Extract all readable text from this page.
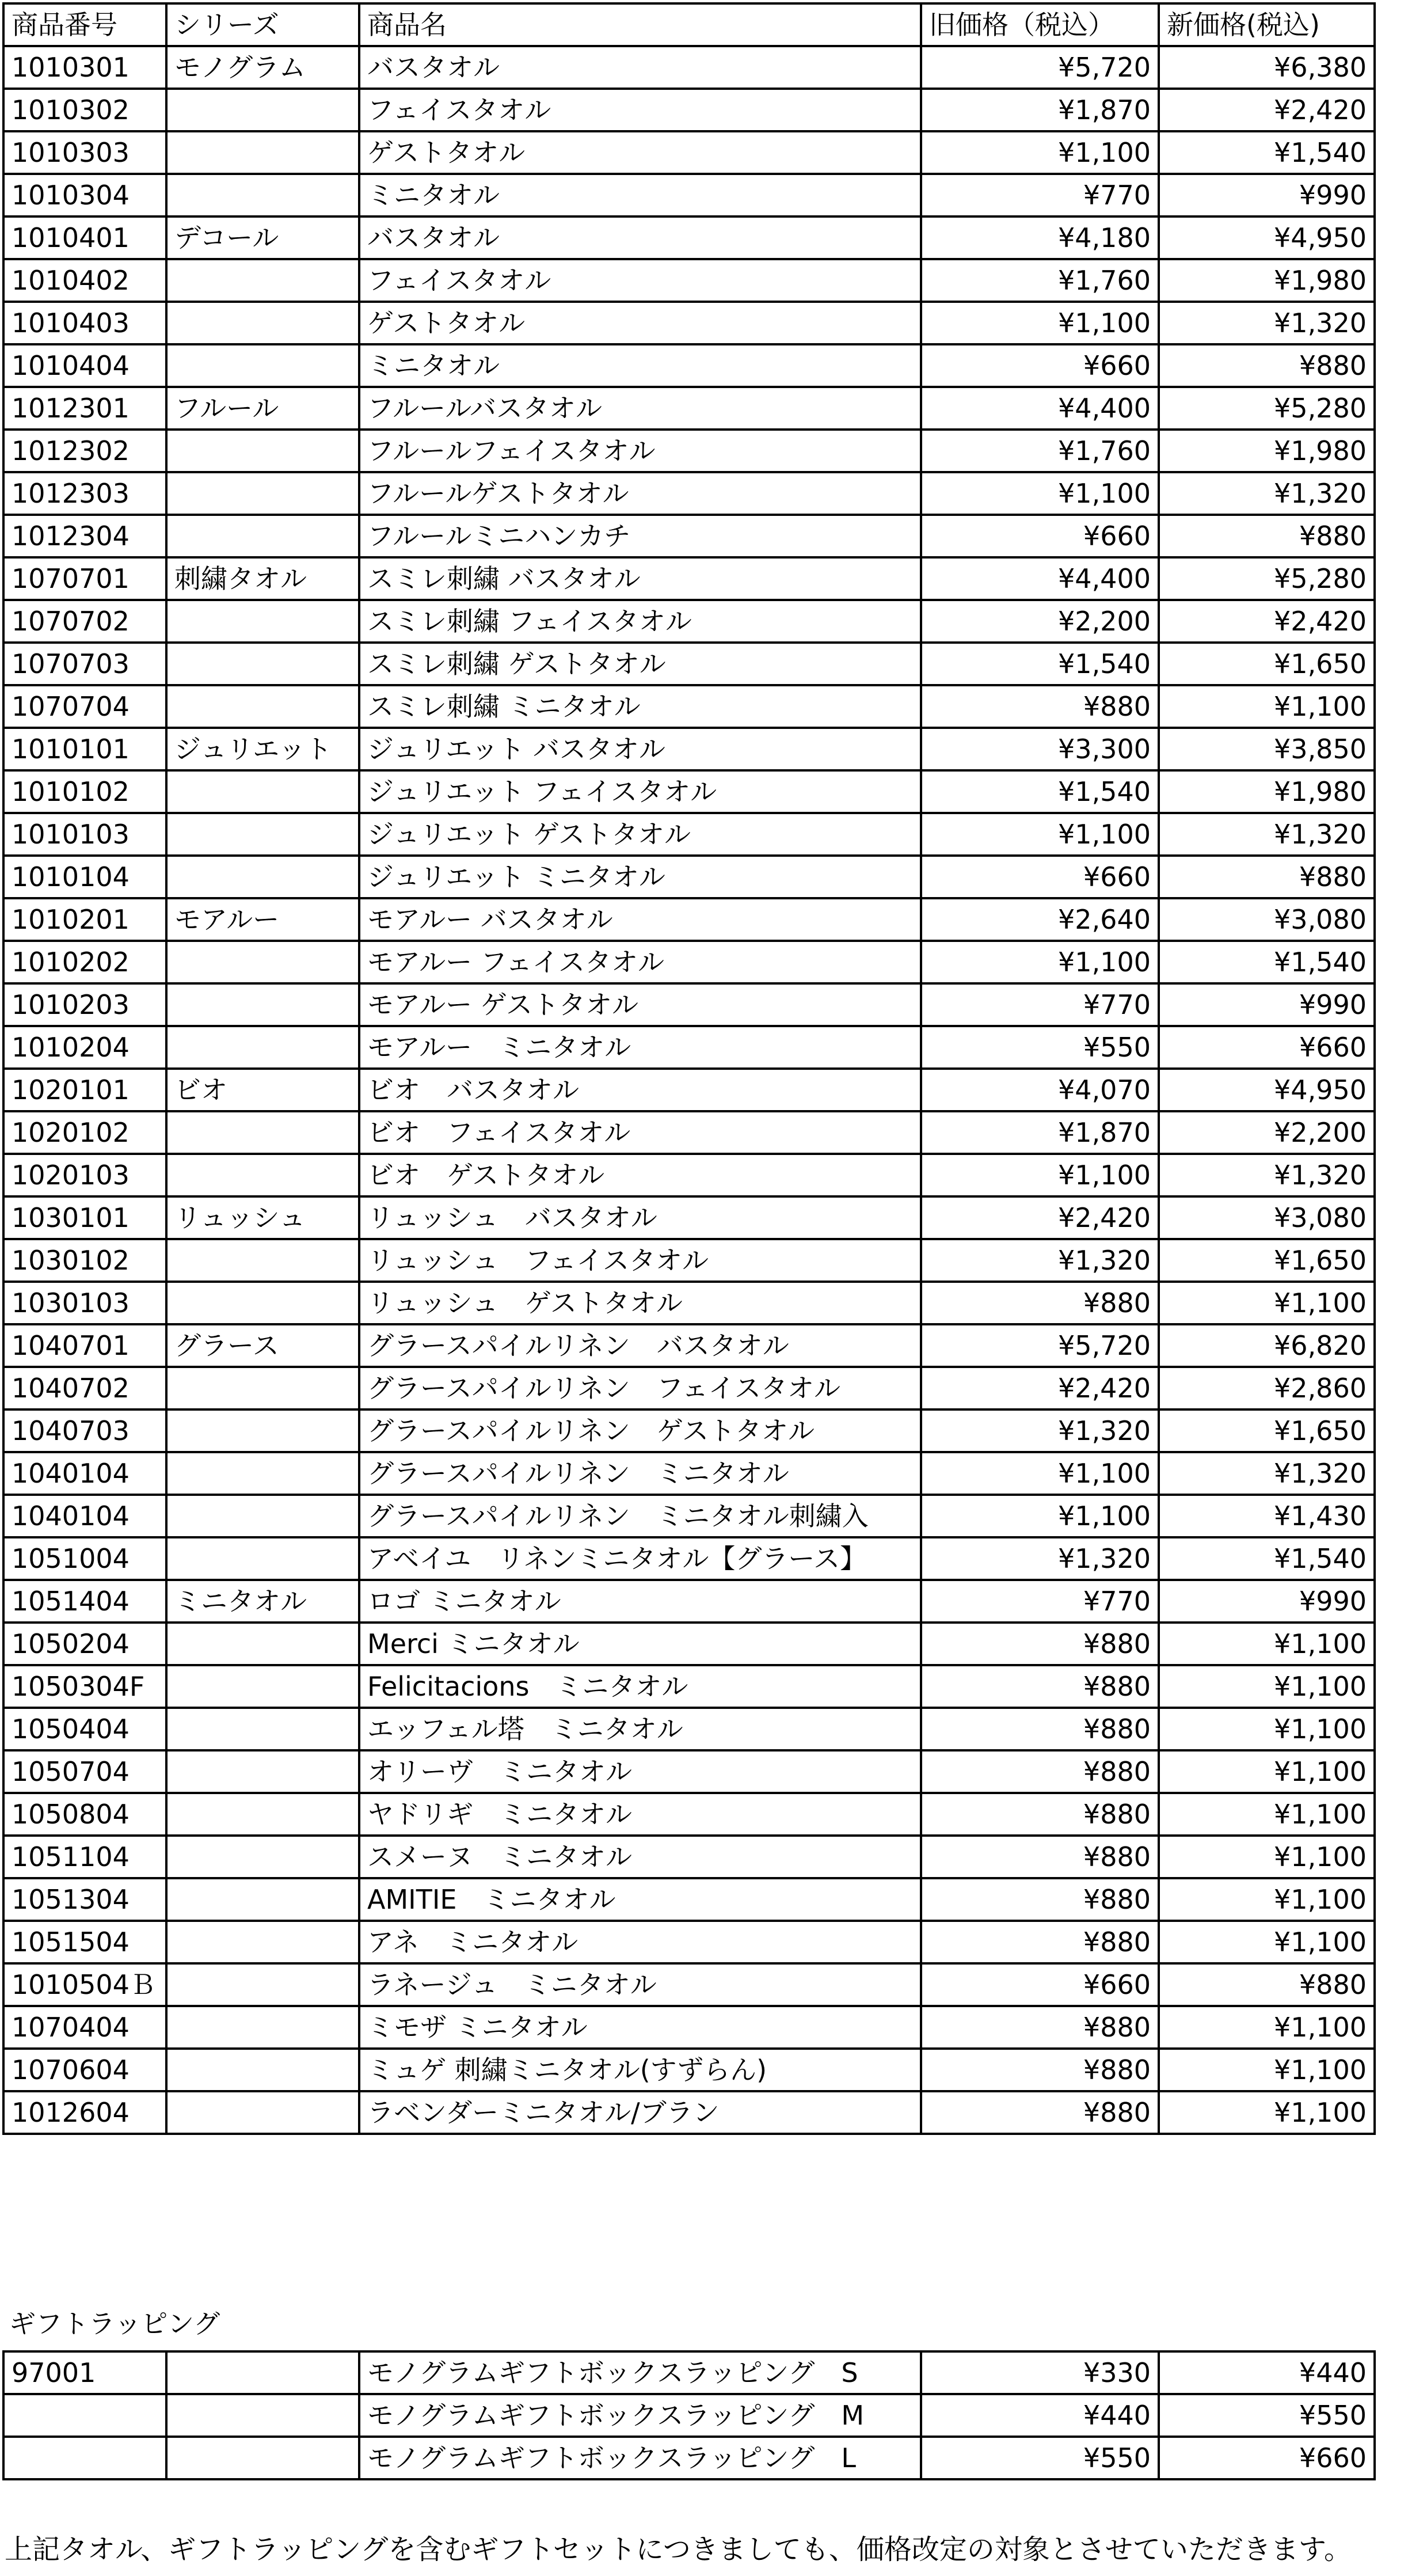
商品番号	シリーズ	商品名	旧価格（税込）	新価格(税込)
1010301	モノグラム	バスタオル	¥5,720	¥6,380
1010302		フェイスタオル	¥1,870	¥2,420
1010303		ゲストタオル	¥1,100	¥1,540
1010304		ミニタオル	¥770	¥990
1010401	デコール	バスタオル	¥4,180	¥4,950
1010402		フェイスタオル	¥1,760	¥1,980
1010403		ゲストタオル	¥1,100	¥1,320
1010404		ミニタオル	¥660	¥880
1012301	フルール	フルールバスタオル	¥4,400	¥5,280
1012302		フルールフェイスタオル	¥1,760	¥1,980
1012303		フルールゲストタオル	¥1,100	¥1,320
1012304		フルールミニハンカチ	¥660	¥880
1070701	刺繍タオル	スミレ刺繍 バスタオル	¥4,400	¥5,280
1070702		スミレ刺繍 フェイスタオル	¥2,200	¥2,420
1070703		スミレ刺繍 ゲストタオル	¥1,540	¥1,650
1070704		スミレ刺繍 ミニタオル	¥880	¥1,100
1010101	ジュリエット	ジュリエット バスタオル	¥3,300	¥3,850
1010102		ジュリエット フェイスタオル	¥1,540	¥1,980
1010103		ジュリエット ゲストタオル	¥1,100	¥1,320
1010104		ジュリエット ミニタオル	¥660	¥880
1010201	モアルー	モアルー バスタオル	¥2,640	¥3,080
1010202		モアルー フェイスタオル	¥1,100	¥1,540
1010203		モアルー ゲストタオル	¥770	¥990
1010204		モアルー　ミニタオル	¥550	¥660
1020101	ビオ	ビオ　バスタオル	¥4,070	¥4,950
1020102		ビオ　フェイスタオル	¥1,870	¥2,200
1020103		ビオ　ゲストタオル	¥1,100	¥1,320
1030101	リュッシュ	リュッシュ　バスタオル	¥2,420	¥3,080
1030102		リュッシュ　フェイスタオル	¥1,320	¥1,650
1030103		リュッシュ　ゲストタオル	¥880	¥1,100
1040701	グラース	グラースパイルリネン　バスタオル	¥5,720	¥6,820
1040702		グラースパイルリネン　フェイスタオル	¥2,420	¥2,860
1040703		グラースパイルリネン　ゲストタオル	¥1,320	¥1,650
1040104		グラースパイルリネン　ミニタオル	¥1,100	¥1,320
1040104		グラースパイルリネン　ミニタオル刺繍入	¥1,100	¥1,430
1051004		アベイユ　リネンミニタオル【グラース】	¥1,320	¥1,540
1051404	ミニタオル	ロゴ ミニタオル	¥770	¥990
1050204		Merci ミニタオル	¥880	¥1,100
1050304F		Felicitacions　ミニタオル	¥880	¥1,100
1050404		エッフェル塔　ミニタオル	¥880	¥1,100
1050704		オリーヴ　ミニタオル	¥880	¥1,100
1050804		ヤドリギ　ミニタオル	¥880	¥1,100
1051104		スメーヌ　ミニタオル	¥880	¥1,100
1051304		AMITIE　ミニタオル	¥880	¥1,100
1051504		アネ　ミニタオル	¥880	¥1,100
1010504Ｂ		ラネージュ　ミニタオル	¥660	¥880
1070404		ミモザ ミニタオル	¥880	¥1,100
1070604		ミュゲ 刺繍ミニタオル(すずらん)	¥880	¥1,100
1012604		ラベンダーミニタオル/ブラン	¥880	¥1,100
ギフトラッピング
97001		モノグラムギフトボックスラッピング　S	¥330	¥440
		モノグラムギフトボックスラッピング　M	¥440	¥550
		モノグラムギフトボックスラッピング　L	¥550	¥660
上記タオル、ギフトラッピングを含むギフトセットにつきましても、価格改定の対象とさせていただきます。
